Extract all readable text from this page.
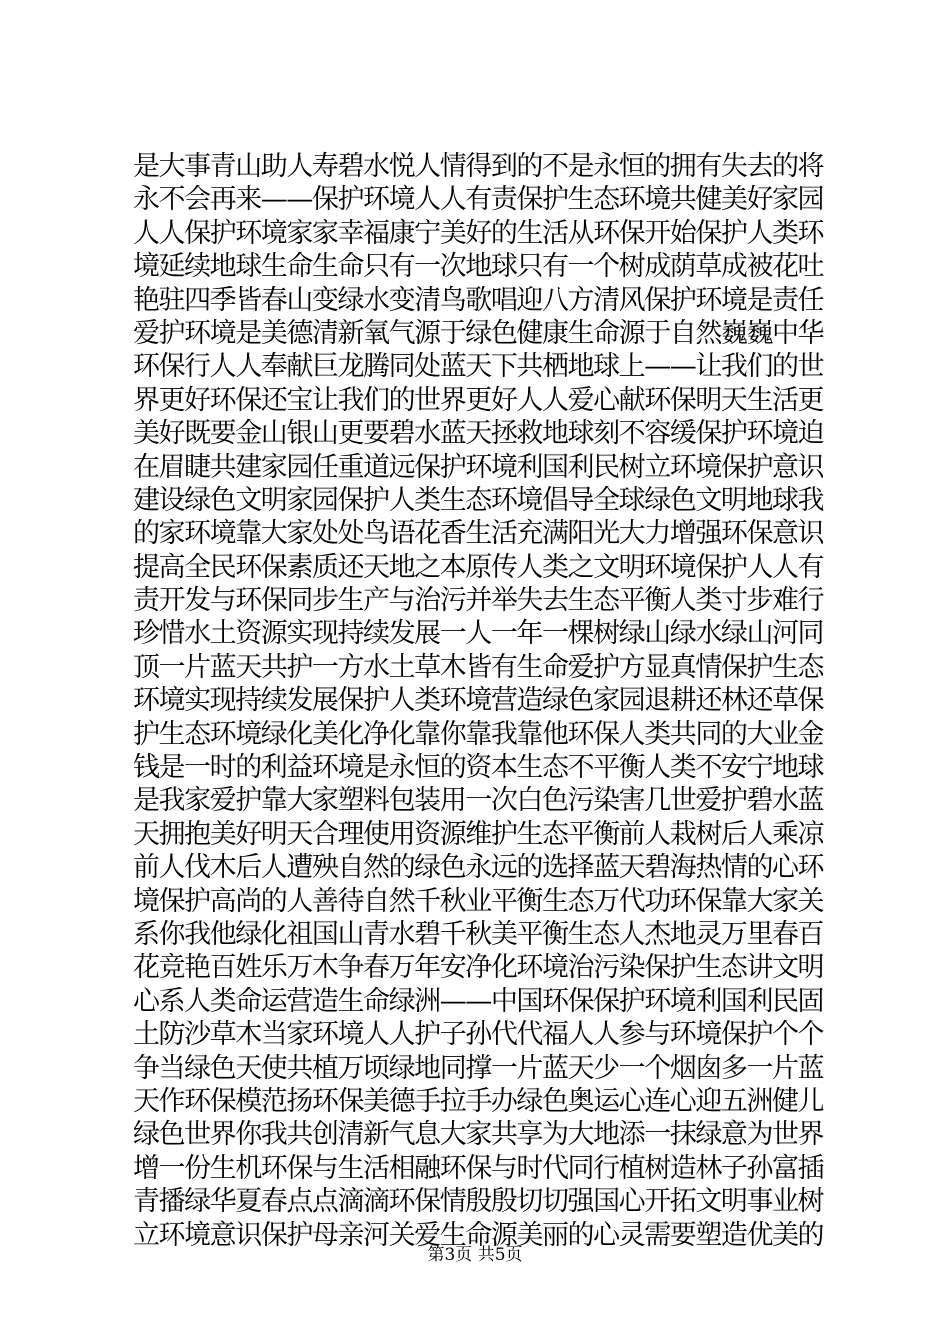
是大事青山助人寿碧水悦人情得到的不是永恒的拥有失去的将
永不会再来——保护环境人人有责保护生态环境共健美好家园
人人保护环境家家幸福康宁美好的生活从环保开始保护人类环
境延续地球生命生命只有一次地球只有一个树成荫草成被花吐
艳驻四季皆春山变绿水变清鸟歌唱迎八方清风保护环境是责任
爱护环境是美德清新氧气源于绿色健康生命源于自然巍巍中华
环保行人人奉献巨龙腾同处蓝天下共栖地球上——让我们的世
界更好环保还宝让我们的世界更好人人爱心献环保明天生活更
美好既要金山银山更要碧水蓝天拯救地球刻不容缓保护环境迫
在眉睫共建家园任重道远保护环境利国利民树立环境保护意识
建设绿色文明家园保护人类生态环境倡导全球绿色文明地球我
的家环境靠大家处处鸟语花香生活充满阳光大力增强环保意识
提高全民环保素质还天地之本原传人类之文明环境保护人人有
责开发与环保同步生产与治污并举失去生态平衡人类寸步难行
珍惜水土资源实现持续发展一人一年一棵树绿山绿水绿山河同
顶一片蓝天共护一方水土草木皆有生命爱护方显真情保护生态
环境实现持续发展保护人类环境营造绿色家园退耕还林还草保
护生态环境绿化美化净化靠你靠我靠他环保人类共同的大业金
钱是一时的利益环境是永恒的资本生态不平衡人类不安宁地球
是我家爱护靠大家塑料包装用一次白色污染害几世爱护碧水蓝
天拥抱美好明天合理使用资源维护生态平衡前人栽树后人乘凉
前人伐木后人遭殃自然的绿色永远的选择蓝天碧海热情的心环
境保护高尚的人善待自然千秋业平衡生态万代功环保靠大家关
系你我他绿化祖国山青水碧千秋美平衡生态人杰地灵万里春百
花竞艳百姓乐万木争春万年安净化环境治污染保护生态讲文明
心系人类命运营造生命绿洲——中国环保保护环境利国利民固
土防沙草木当家环境人人护子孙代代福人人参与环境保护个个
争当绿色天使共植万顷绿地同撑一片蓝天少一个烟囱多一片蓝
天作环保模范扬环保美德手拉手办绿色奥运心连心迎五洲健儿
绿色世界你我共创清新气息大家共享为大地添一抹绿意为世界
增一份生机环保与生活相融环保与时代同行植树造林子孙富插
青播绿华夏春点点滴滴环保情殷殷切切强国心开拓文明事业树
立环境意识保护母亲河关爱生命源美丽的心灵需要塑造优美的
第3页 共5页
